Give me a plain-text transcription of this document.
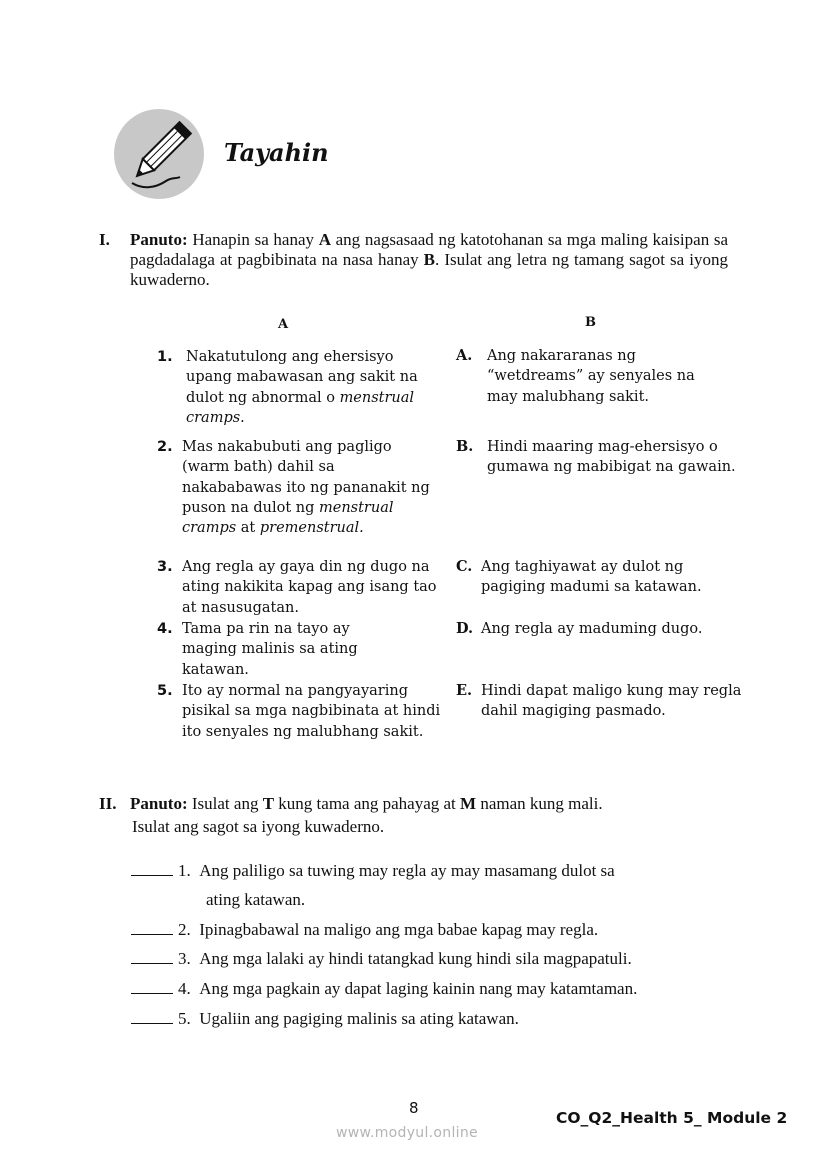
Tayahin
I. Panuto: Hanapin sa hanay A ang nagsasaad ng katotohanan sa mga maling kaisipan sa pagdadalaga at pagbibinata na nasa hanay B. Isulat ang letra ng tamang sagot sa iyong kuwaderno.
A	B
1. Nakatutulong ang ehersisyo upang mabawasan ang sakit na dulot ng abnormal o menstrual cramps.
2. Mas nakabubuti ang pagligo (warm bath) dahil sa nakababawas ito ng pananakit ng puson na dulot ng menstrual cramps at premenstrual.
3. Ang regla ay gaya din ng dugo na ating nakikita kapag ang isang tao at nasusugatan.
4. Tama pa rin na tayo ay maging malinis sa ating katawan.
5. Ito ay normal na pangyayaring pisikal sa mga nagbibinata at hindi ito senyales ng malubhang sakit.
A.	Ang nakararanas ng “wetdreams” ay senyales na may malubhang sakit.
B. Hindi maaring mag-ehersisyo o gumawa ng mabibigat na gawain.
C. Ang taghiyawat ay dulot ng pagiging madumi sa katawan.
D. Ang regla ay maduming dugo.
E. Hindi dapat maligo kung may regla dahil magiging pasmado.
II. Panuto: Isulat ang T kung tama ang pahayag at M naman kung mali.
Isulat ang sagot sa iyong kuwaderno.
1. Ang paliligo sa tuwing may regla ay may masamang dulot sa
ating katawan.
2. Ipinagbabawal na maligo ang mga babae kapag may regla.
3. Ang mga lalaki ay hindi tatangkad kung hindi sila magpapatuli.
4. Ang mga pagkain ay dapat laging kainin nang may katamtaman.
5. Ugaliin ang pagiging malinis sa ating katawan.
8
CO_Q2_Health 5_ Module 2
www.modyul.online
